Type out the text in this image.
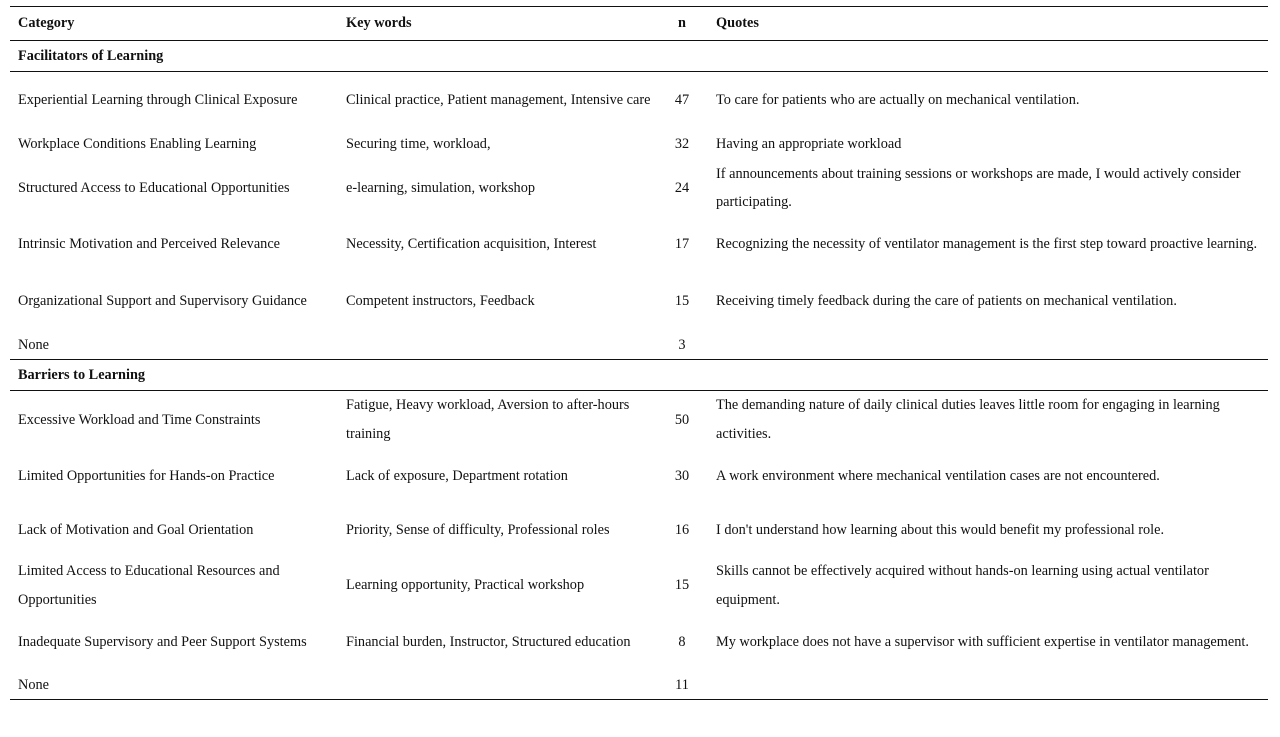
Category	Key words	n	Quotes
Facilitators of Learning			
Experiential Learning through Clinical Exposure	Clinical practice, Patient management, Intensive care	47	To care for patients who are actually on mechanical ventilation.
Workplace Conditions Enabling Learning	Securing time, workload,	32	Having an appropriate workload
Structured Access to Educational Opportunities	e-learning, simulation, workshop	24	If announcements about training sessions or workshops are made, I would actively consider participating.
Intrinsic Motivation and Perceived Relevance	Necessity, Certification acquisition, Interest	17	Recognizing the necessity of ventilator management is the first step toward proactive learning.
Organizational Support and Supervisory Guidance	Competent instructors, Feedback	15	Receiving timely feedback during the care of patients on mechanical ventilation.
None		3	
Barriers to Learning			
Excessive Workload and Time Constraints	Fatigue, Heavy workload, Aversion to after-hours training	50	The demanding nature of daily clinical duties leaves little room for engaging in learning activities.
Limited Opportunities for Hands-on Practice	Lack of exposure, Department rotation	30	A work environment where mechanical ventilation cases are not encountered.
Lack of Motivation and Goal Orientation	Priority, Sense of difficulty, Professional roles	16	I don't understand how learning about this would benefit my professional role.
Limited Access to Educational Resources and Opportunities	Learning opportunity, Practical workshop	15	Skills cannot be effectively acquired without hands-on learning using actual ventilator equipment.
Inadequate Supervisory and Peer Support Systems	Financial burden, Instructor, Structured education	8	My workplace does not have a supervisor with sufficient expertise in ventilator management.
None		11	
